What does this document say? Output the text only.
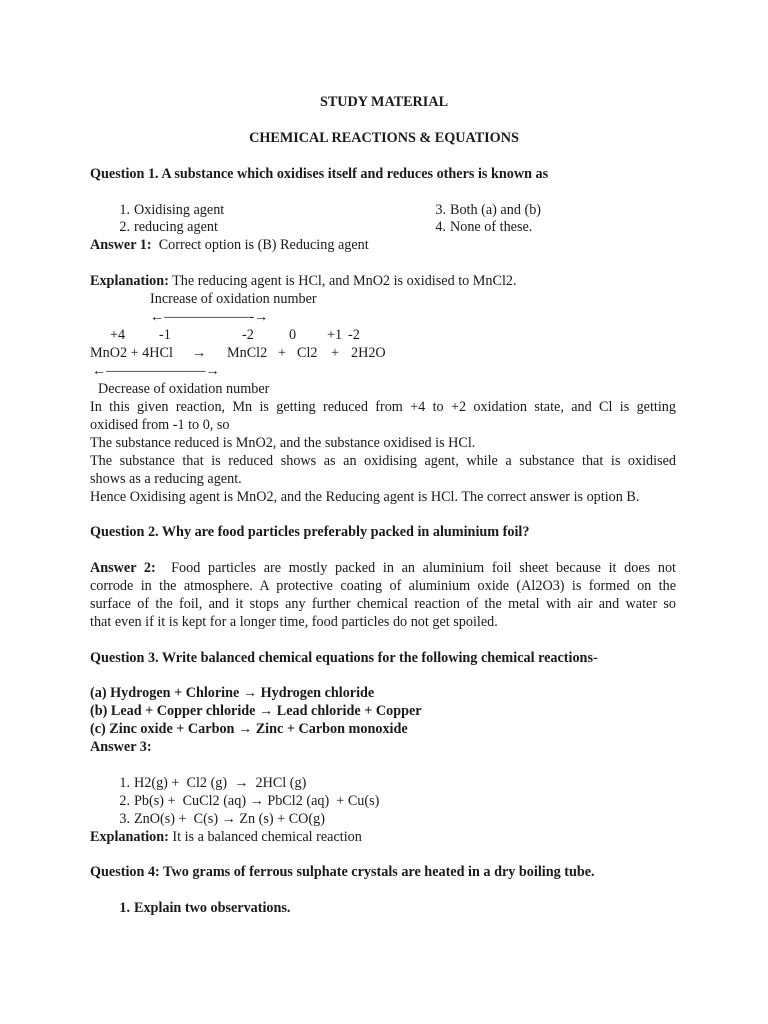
STUDY MATERIAL
CHEMICAL REACTIONS & EQUATIONS
Question 1. A substance which oxidises itself and reduces others is known as
1. Oxidising agent	3. Both (a) and (b)
2. reducing agent	4. None of these.
Answer 1: Correct option is (B) Reducing agent
Explanation: The reducing agent is HCl, and MnO2 is oxidised to MnCl2.
Increase of oxidation number
←——————-→
+4 -1	-2 0 +1 -2
MnO2 + 4HCl → MnCl2 + Cl2 + 2H2O
←———————→
Decrease of oxidation number
In this given reaction, Mn is getting reduced from +4 to +2 oxidation state, and Cl is getting
oxidised from -1 to 0, so
The substance reduced is MnO2, and the substance oxidised is HCl.
The substance that is reduced shows as an oxidising agent, while a substance that is oxidised
shows as a reducing agent.
Hence Oxidising agent is MnO2, and the Reducing agent is HCl. The correct answer is option B.
Question 2. Why are food particles preferably packed in aluminium foil?
Answer 2: Food particles are mostly packed in an aluminium foil sheet because it does not
corrode in the atmosphere. A protective coating of aluminium oxide (Al2O3) is formed on the
surface of the foil, and it stops any further chemical reaction of the metal with air and water so
that even if it is kept for a longer time, food particles do not get spoiled.
Question 3. Write balanced chemical equations for the following chemical reactions-
(a) Hydrogen + Chlorine → Hydrogen chloride
(b) Lead + Copper chloride → Lead chloride + Copper
(c) Zinc oxide + Carbon → Zinc + Carbon monoxide
Answer 3:
1. H2(g) +  Cl2 (g)  →  2HCl (g)
2. Pb(s) +  CuCl2 (aq) → PbCl2 (aq)  + Cu(s)
3. ZnO(s) +  C(s) → Zn (s) + CO(g)
Explanation: It is a balanced chemical reaction
Question 4: Two grams of ferrous sulphate crystals are heated in a dry boiling tube.
1. Explain two observations.
